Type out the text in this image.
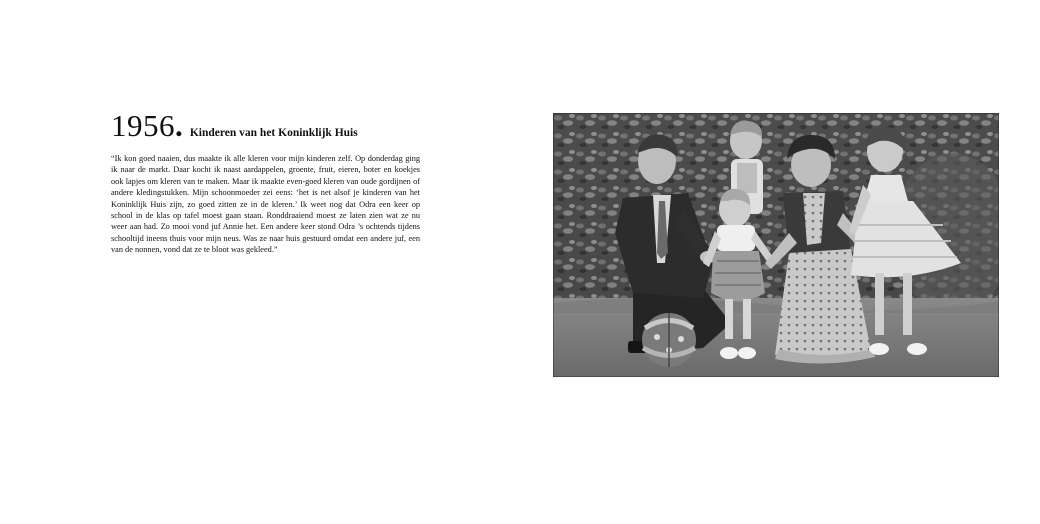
1956. Kinderen van het Koninklijk Huis
“Ik kon goed naaien, dus maakte ik alle kleren voor mijn kinderen zelf. Op donderdag ging ik naar de markt. Daar kocht ik naast aardappelen, groente, fruit, eieren, boter en koekjes ook lapjes om kleren van te maken. Maar ik maakte even-goed kleren van oude gordijnen of andere kledingstukken. Mijn schoonmoeder zei eens: ‘het is net alsof je kinderen van het Koninklijk Huis zijn, zo goed zitten ze in de kleren.’ Ik weet nog dat Odra een keer op school in de klas op tafel moest gaan staan. Ronddraaiend moest ze laten zien wat ze nu weer aan had. Zo mooi vond juf Annie het. Een andere keer stond Odra ’s ochtends tijdens schooltijd ineens thuis voor mijn neus. Was ze naar huis gestuurd omdat een andere juf, een van de nonnen, vond dat ze te bloot was gekleed.”
